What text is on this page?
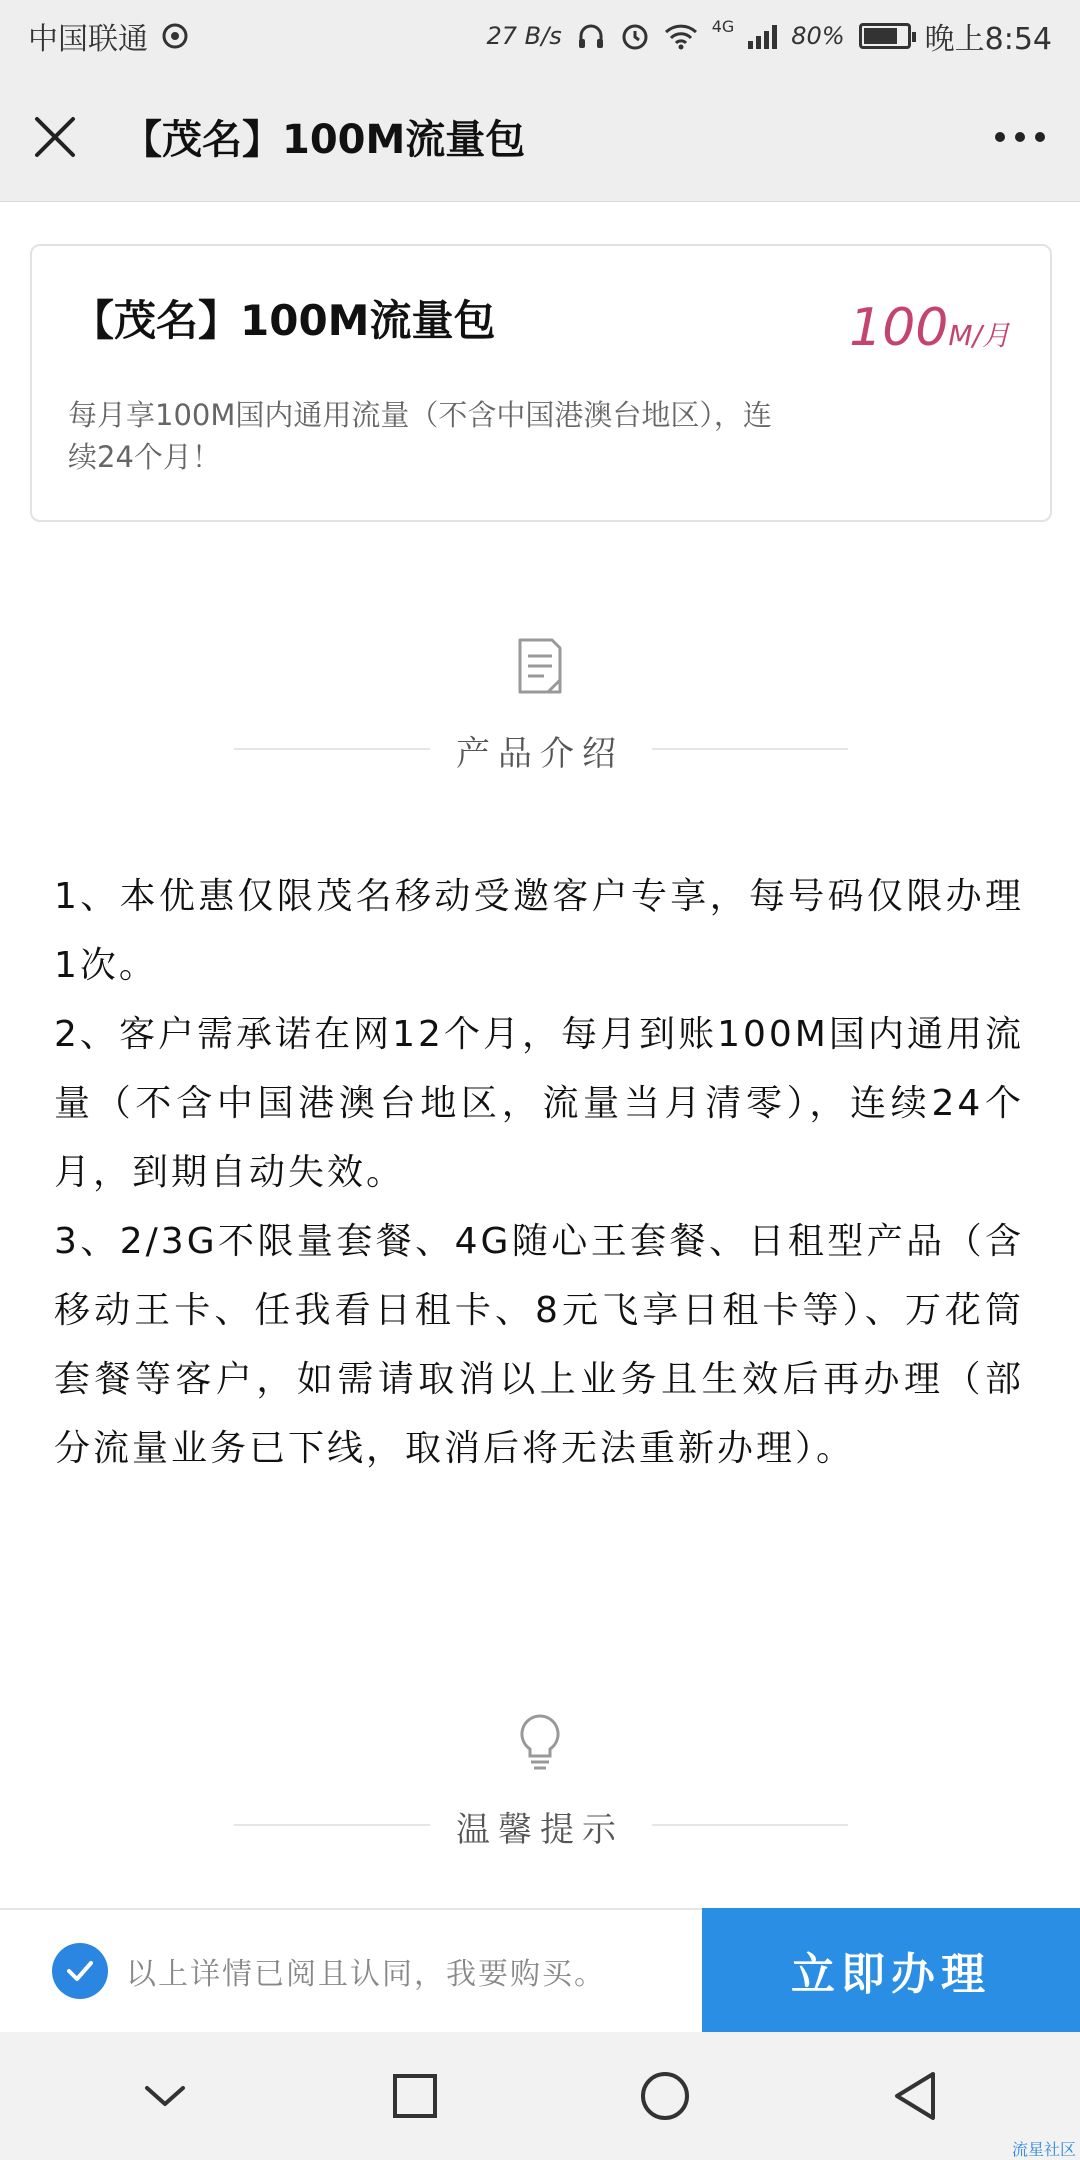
中国联通	27 B/s	4G 80%	晚上8:54
【茂名】100M流量包
【茂名】100M流量包	100M/月
每月享100M国内通用流量（不含中国港澳台地区），连续24个月！
产品介绍

1、本优惠仅限茂名移动受邀客户专享，每号码仅限办理1次。

2、客户需承诺在网12个月，每月到账100M国内通用流量（不含中国港澳台地区，流量当月清零），连续24个月，到期自动失效。

3、2/3G不限量套餐、4G随心王套餐、日租型产品（含移动王卡、任我看日租卡、8元飞享日租卡等）、万花筒套餐等客户，如需请取消以上业务且生效后再办理（部分流量业务已下线，取消后将无法重新办理）。

温馨提示
以上详情已阅且认同，我要购买。	立即办理
流星社区
